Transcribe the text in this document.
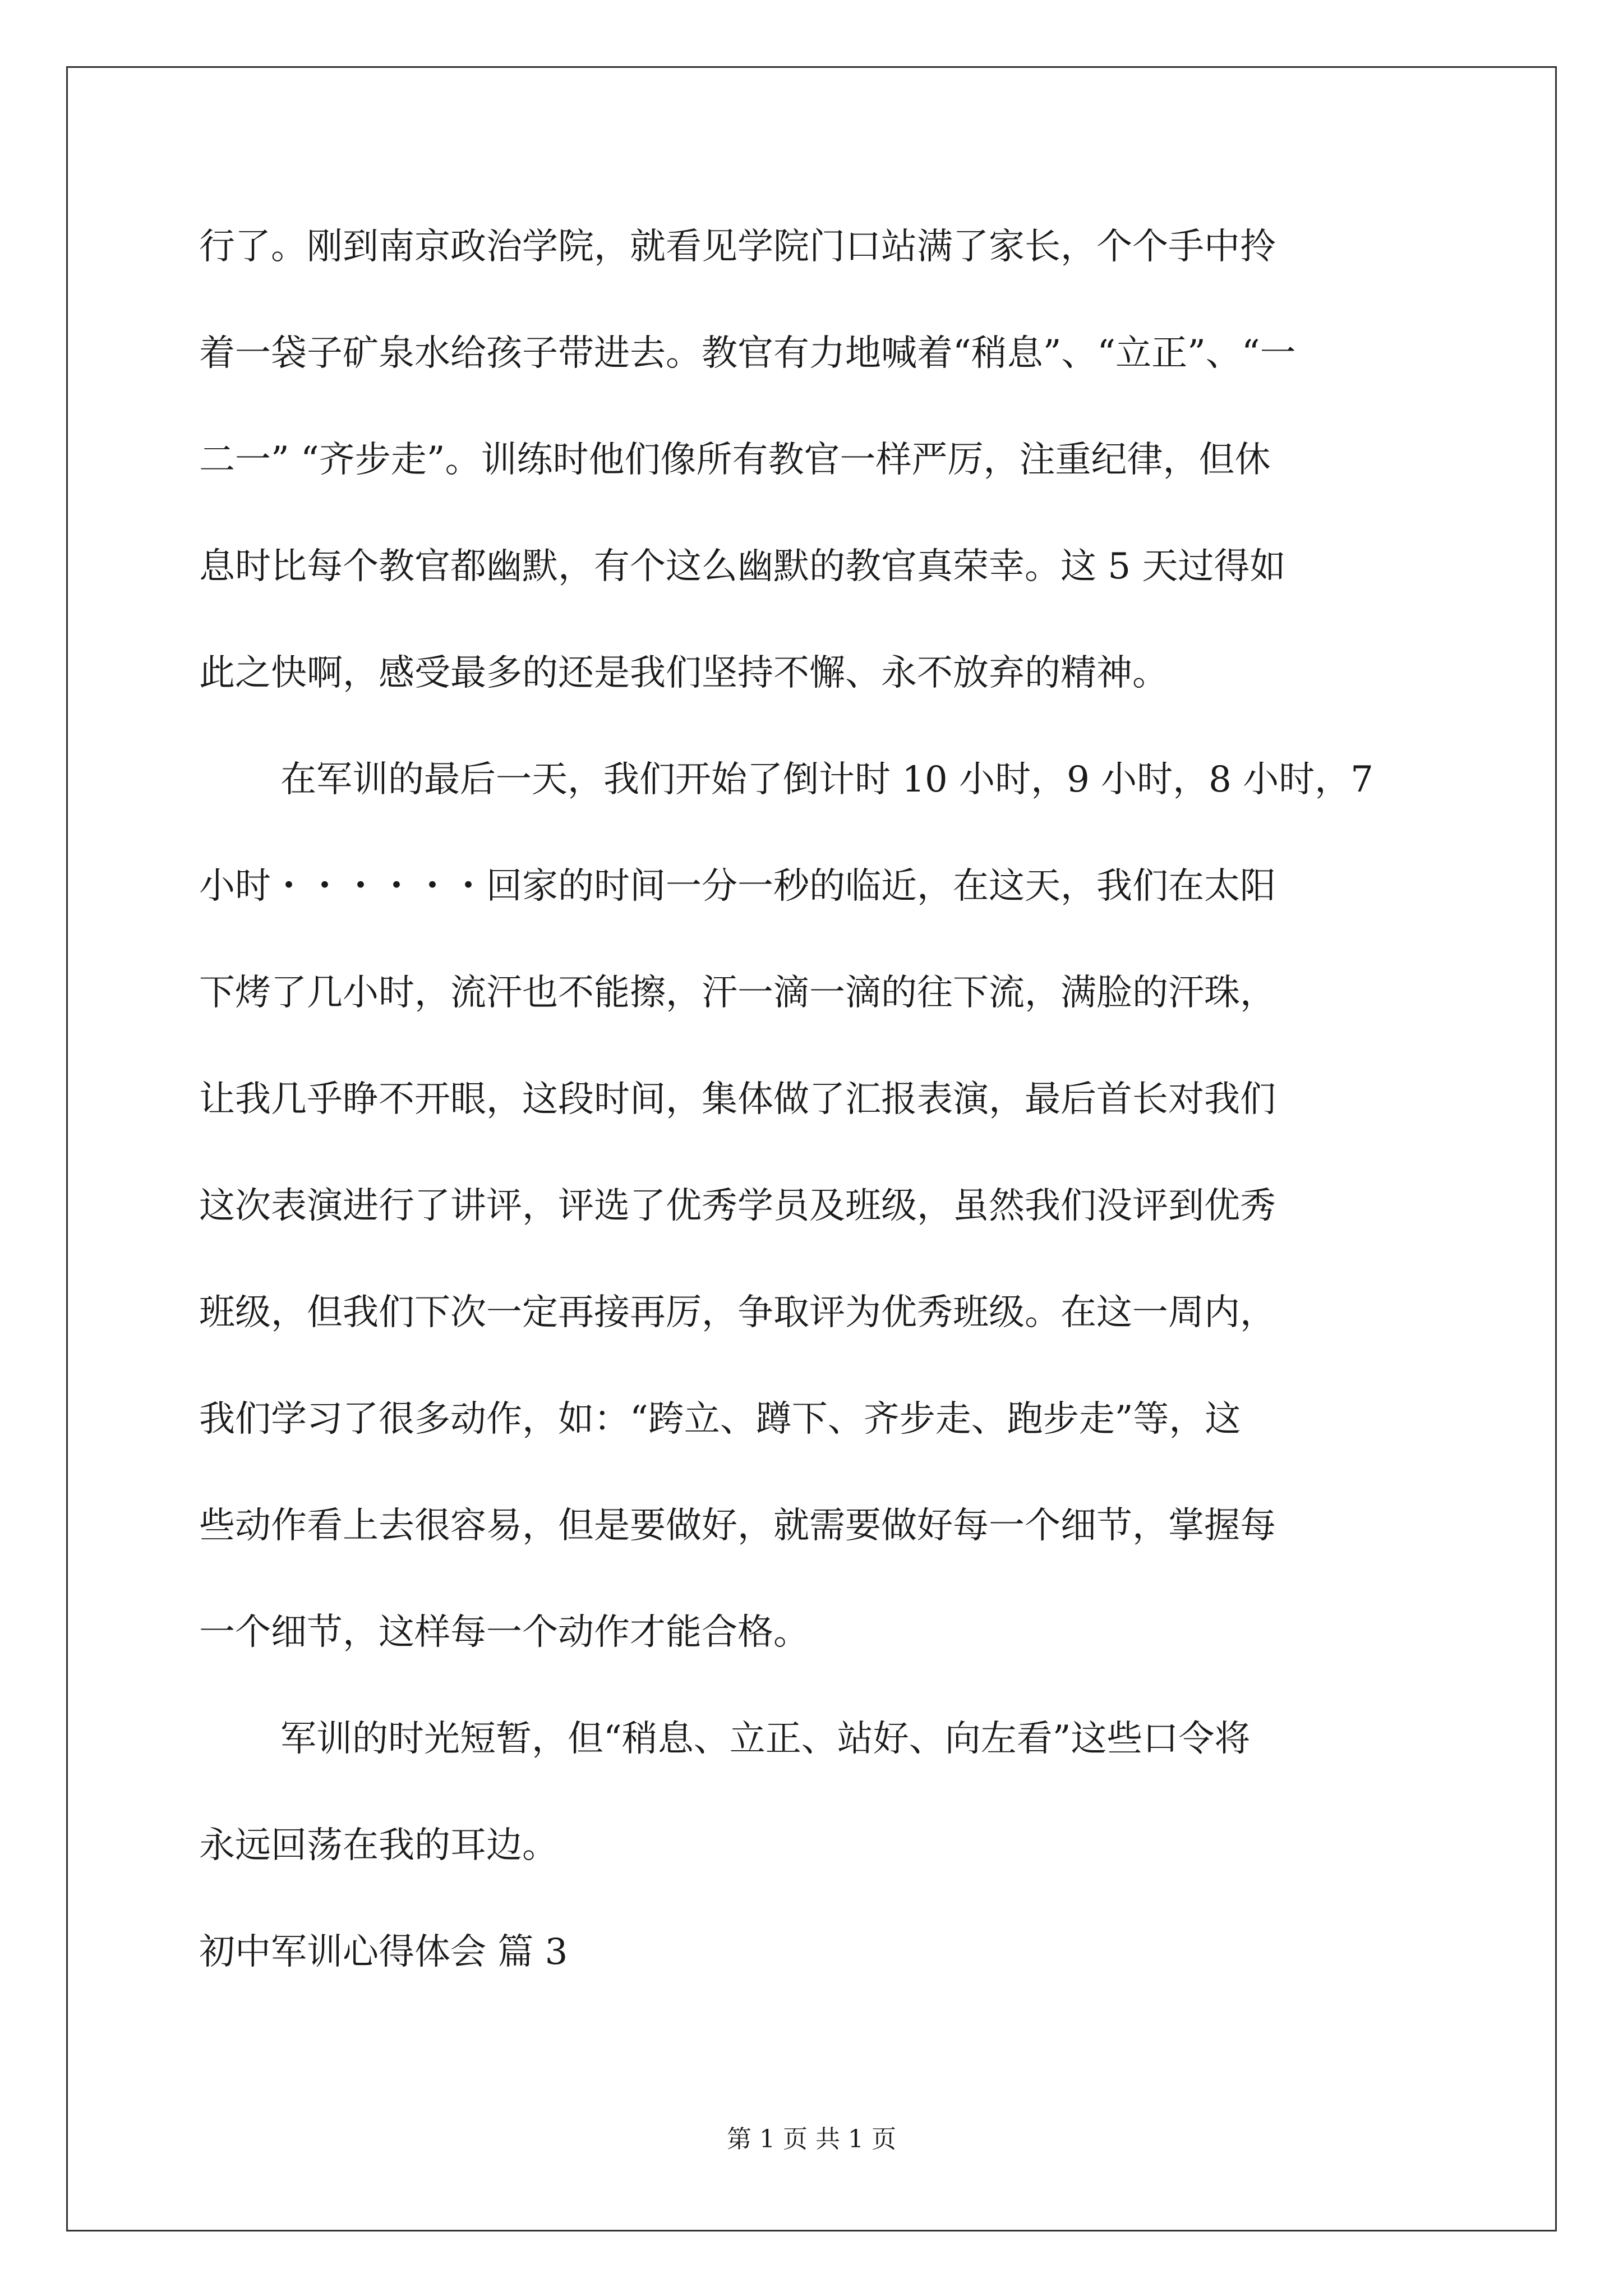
行了。刚到南京政治学院，就看见学院门口站满了家长，个个手中拎
着一袋子矿泉水给孩子带进去。教官有力地喊着“稍息”、“立正”、“一
二一” “齐步走”。训练时他们像所有教官一样严厉，注重纪律，但休
息时比每个教官都幽默，有个这么幽默的教官真荣幸。这 5 天过得如
此之快啊，感受最多的还是我们坚持不懈、永不放弃的精神。
在军训的最后一天，我们开始了倒计时 10 小时，9 小时，8 小时，7
小时・・・・・・回家的时间一分一秒的临近，在这天，我们在太阳
下烤了几小时，流汗也不能擦，汗一滴一滴的往下流，满脸的汗珠，
让我几乎睁不开眼，这段时间，集体做了汇报表演，最后首长对我们
这次表演进行了讲评，评选了优秀学员及班级，虽然我们没评到优秀
班级，但我们下次一定再接再厉，争取评为优秀班级。在这一周内，
我们学习了很多动作，如：“跨立、蹲下、齐步走、跑步走”等，这
些动作看上去很容易，但是要做好，就需要做好每一个细节，掌握每
一个细节，这样每一个动作才能合格。
军训的时光短暂，但“稍息、立正、站好、向左看”这些口令将
永远回荡在我的耳边。
初中军训心得体会 篇 3
第 1 页 共 1 页
